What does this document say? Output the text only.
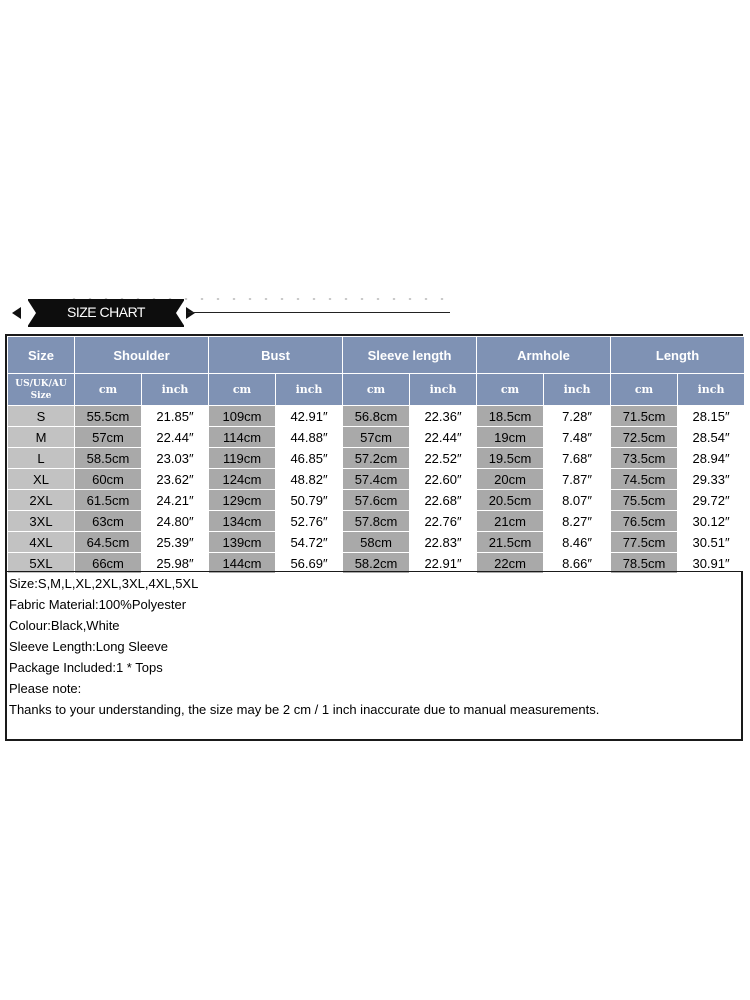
SIZE CHART
Size	Shoulder		Bust		Sleeve length		Armhole		Length	

US/UK/AU
Size	cm	inch	cm	inch	cm	inch	cm	inch	cm	inch
S	55.5cm	21.85″	109cm	42.91″	56.8cm	22.36″	18.5cm	7.28″	71.5cm	28.15″
M	57cm	22.44″	114cm	44.88″	57cm	22.44″	19cm	7.48″	72.5cm	28.54″
L	58.5cm	23.03″	119cm	46.85″	57.2cm	22.52″	19.5cm	7.68″	73.5cm	28.94″
XL	60cm	23.62″	124cm	48.82″	57.4cm	22.60″	20cm	7.87″	74.5cm	29.33″
2XL	61.5cm	24.21″	129cm	50.79″	57.6cm	22.68″	20.5cm	8.07″	75.5cm	29.72″
3XL	63cm	24.80″	134cm	52.76″	57.8cm	22.76″	21cm	8.27″	76.5cm	30.12″
4XL	64.5cm	25.39″	139cm	54.72″	58cm	22.83″	21.5cm	8.46″	77.5cm	30.51″
5XL	66cm	25.98″	144cm	56.69″	58.2cm	22.91″	22cm	8.66″	78.5cm	30.91″
Size:S,M,L,XL,2XL,3XL,4XL,5XL
Fabric Material:100%Polyester
Colour:Black,White
Sleeve Length:Long Sleeve
Package Included:1 * Tops
Please note:
Thanks to your understanding, the size may be 2 cm / 1 inch inaccurate due to manual measurements.
